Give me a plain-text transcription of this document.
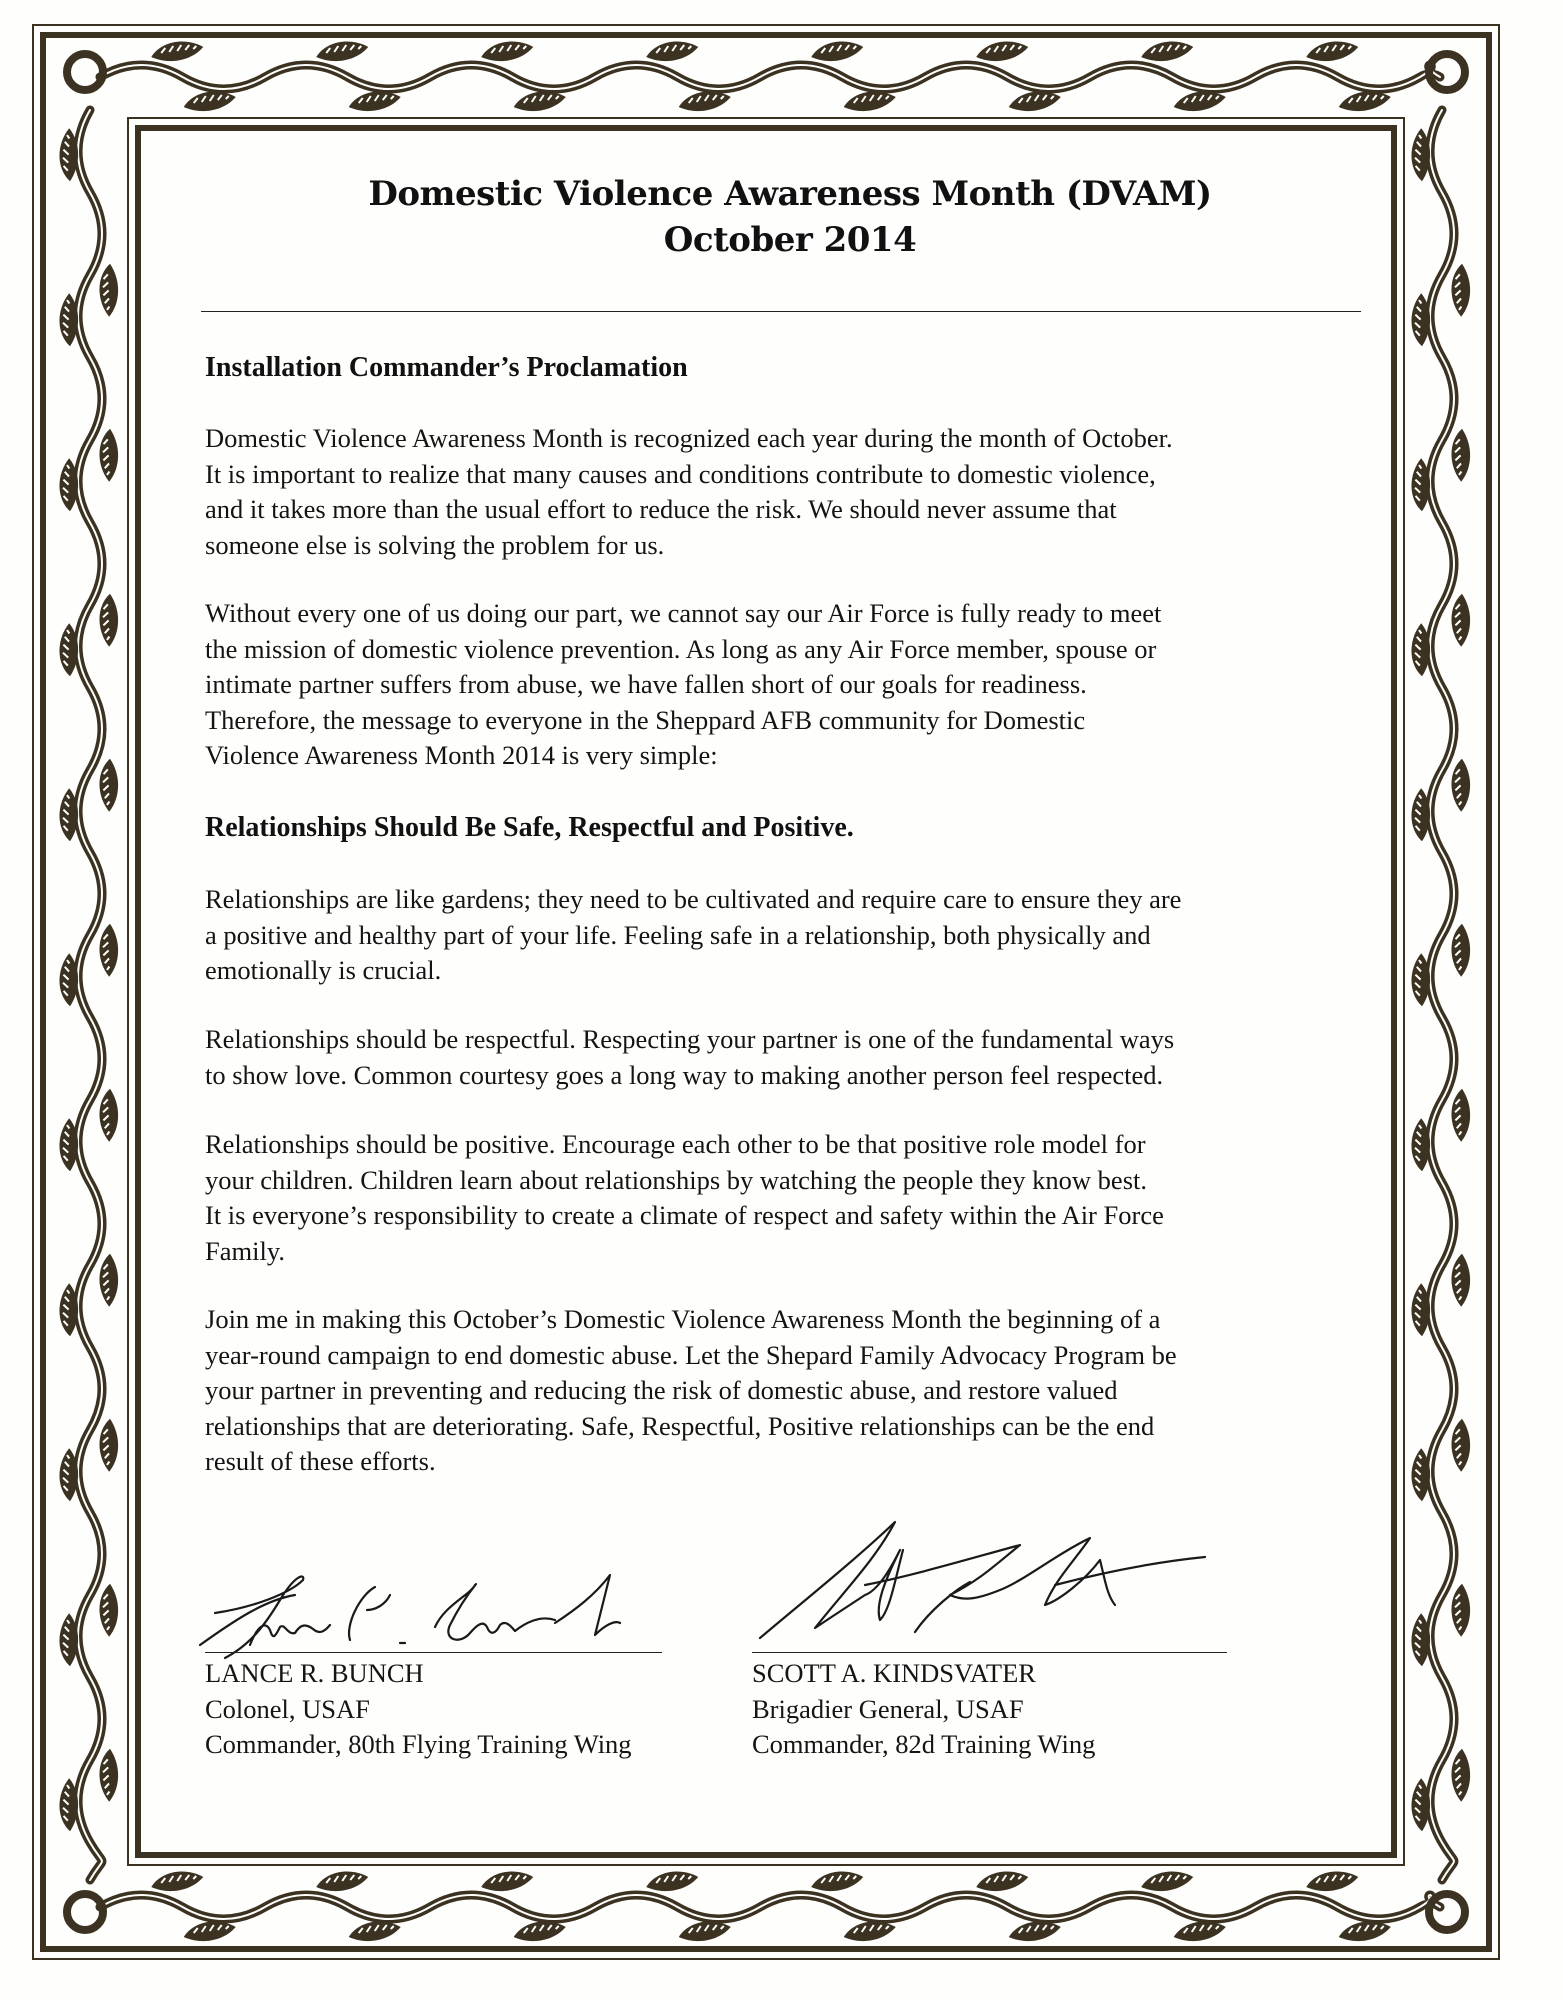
Domestic Violence Awareness Month (DVAM)
October 2014
Installation Commander’s Proclamation
Domestic Violence Awareness Month is recognized each year during the month of October.
It is important to realize that many causes and conditions contribute to domestic violence,
and it takes more than the usual effort to reduce the risk. We should never assume that
someone else is solving the problem for us.
Without every one of us doing our part, we cannot say our Air Force is fully ready to meet
the mission of domestic violence prevention. As long as any Air Force member, spouse or
intimate partner suffers from abuse, we have fallen short of our goals for readiness.
Therefore, the message to everyone in the Sheppard AFB community for Domestic
Violence Awareness Month 2014 is very simple:
Relationships Should Be Safe, Respectful and Positive.
Relationships are like gardens; they need to be cultivated and require care to ensure they are
a positive and healthy part of your life. Feeling safe in a relationship, both physically and
emotionally is crucial.
Relationships should be respectful. Respecting your partner is one of the fundamental ways
to show love. Common courtesy goes a long way to making another person feel respected.
Relationships should be positive. Encourage each other to be that positive role model for
your children. Children learn about relationships by watching the people they know best.
It is everyone’s responsibility to create a climate of respect and safety within the Air Force
Family.
Join me in making this October’s Domestic Violence Awareness Month the beginning of a
year-round campaign to end domestic abuse. Let the Shepard Family Advocacy Program be
your partner in preventing and reducing the risk of domestic abuse, and restore valued
relationships that are deteriorating. Safe, Respectful, Positive relationships can be the end
result of these efforts.
LANCE R. BUNCH
Colonel, USAF
Commander, 80th Flying Training Wing
SCOTT A. KINDSVATER
Brigadier General, USAF
Commander, 82d Training Wing
